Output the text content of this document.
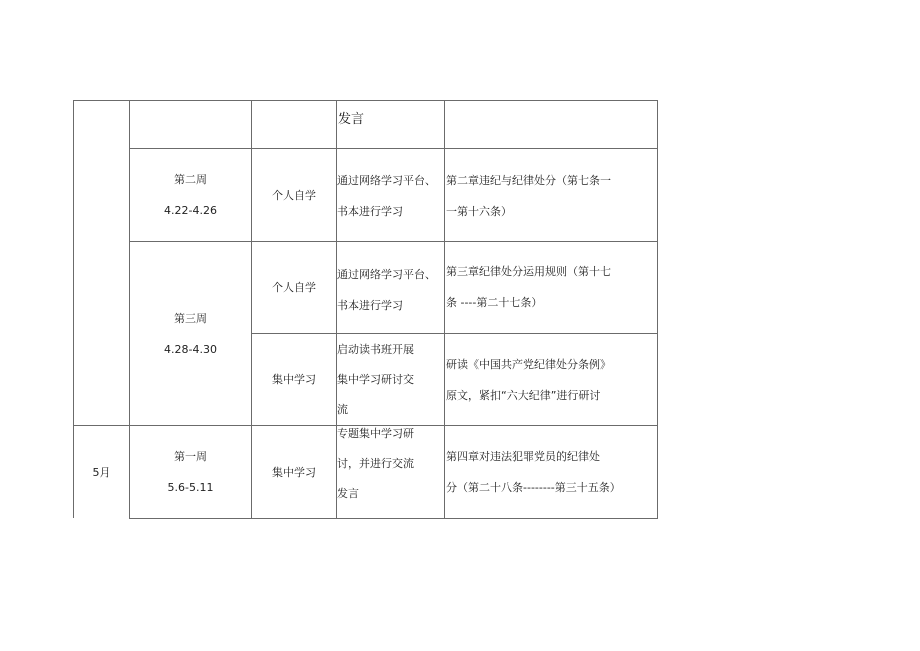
发言
第二周
4.22-4.26
个人自学
通过网络学习平台、
书本进行学习
第二章违纪与纪律处分（第七条一
一第十六条）
第三周
4.28-4.30
个人自学
通过网络学习平台、
书本进行学习
第三章纪律处分运用规则（第十七
条 ----第二十七条）
集中学习
启动读书班开展
集中学习研讨交
流
研读《中国共产党纪律处分条例》
原文，紧扣“六大纪律”进行研讨
5月
第一周
5.6-5.11
集中学习
专题集中学习研
讨，并进行交流
发言
第四章对违法犯罪党员的纪律处
分（第二十八条--------第三十五条）
